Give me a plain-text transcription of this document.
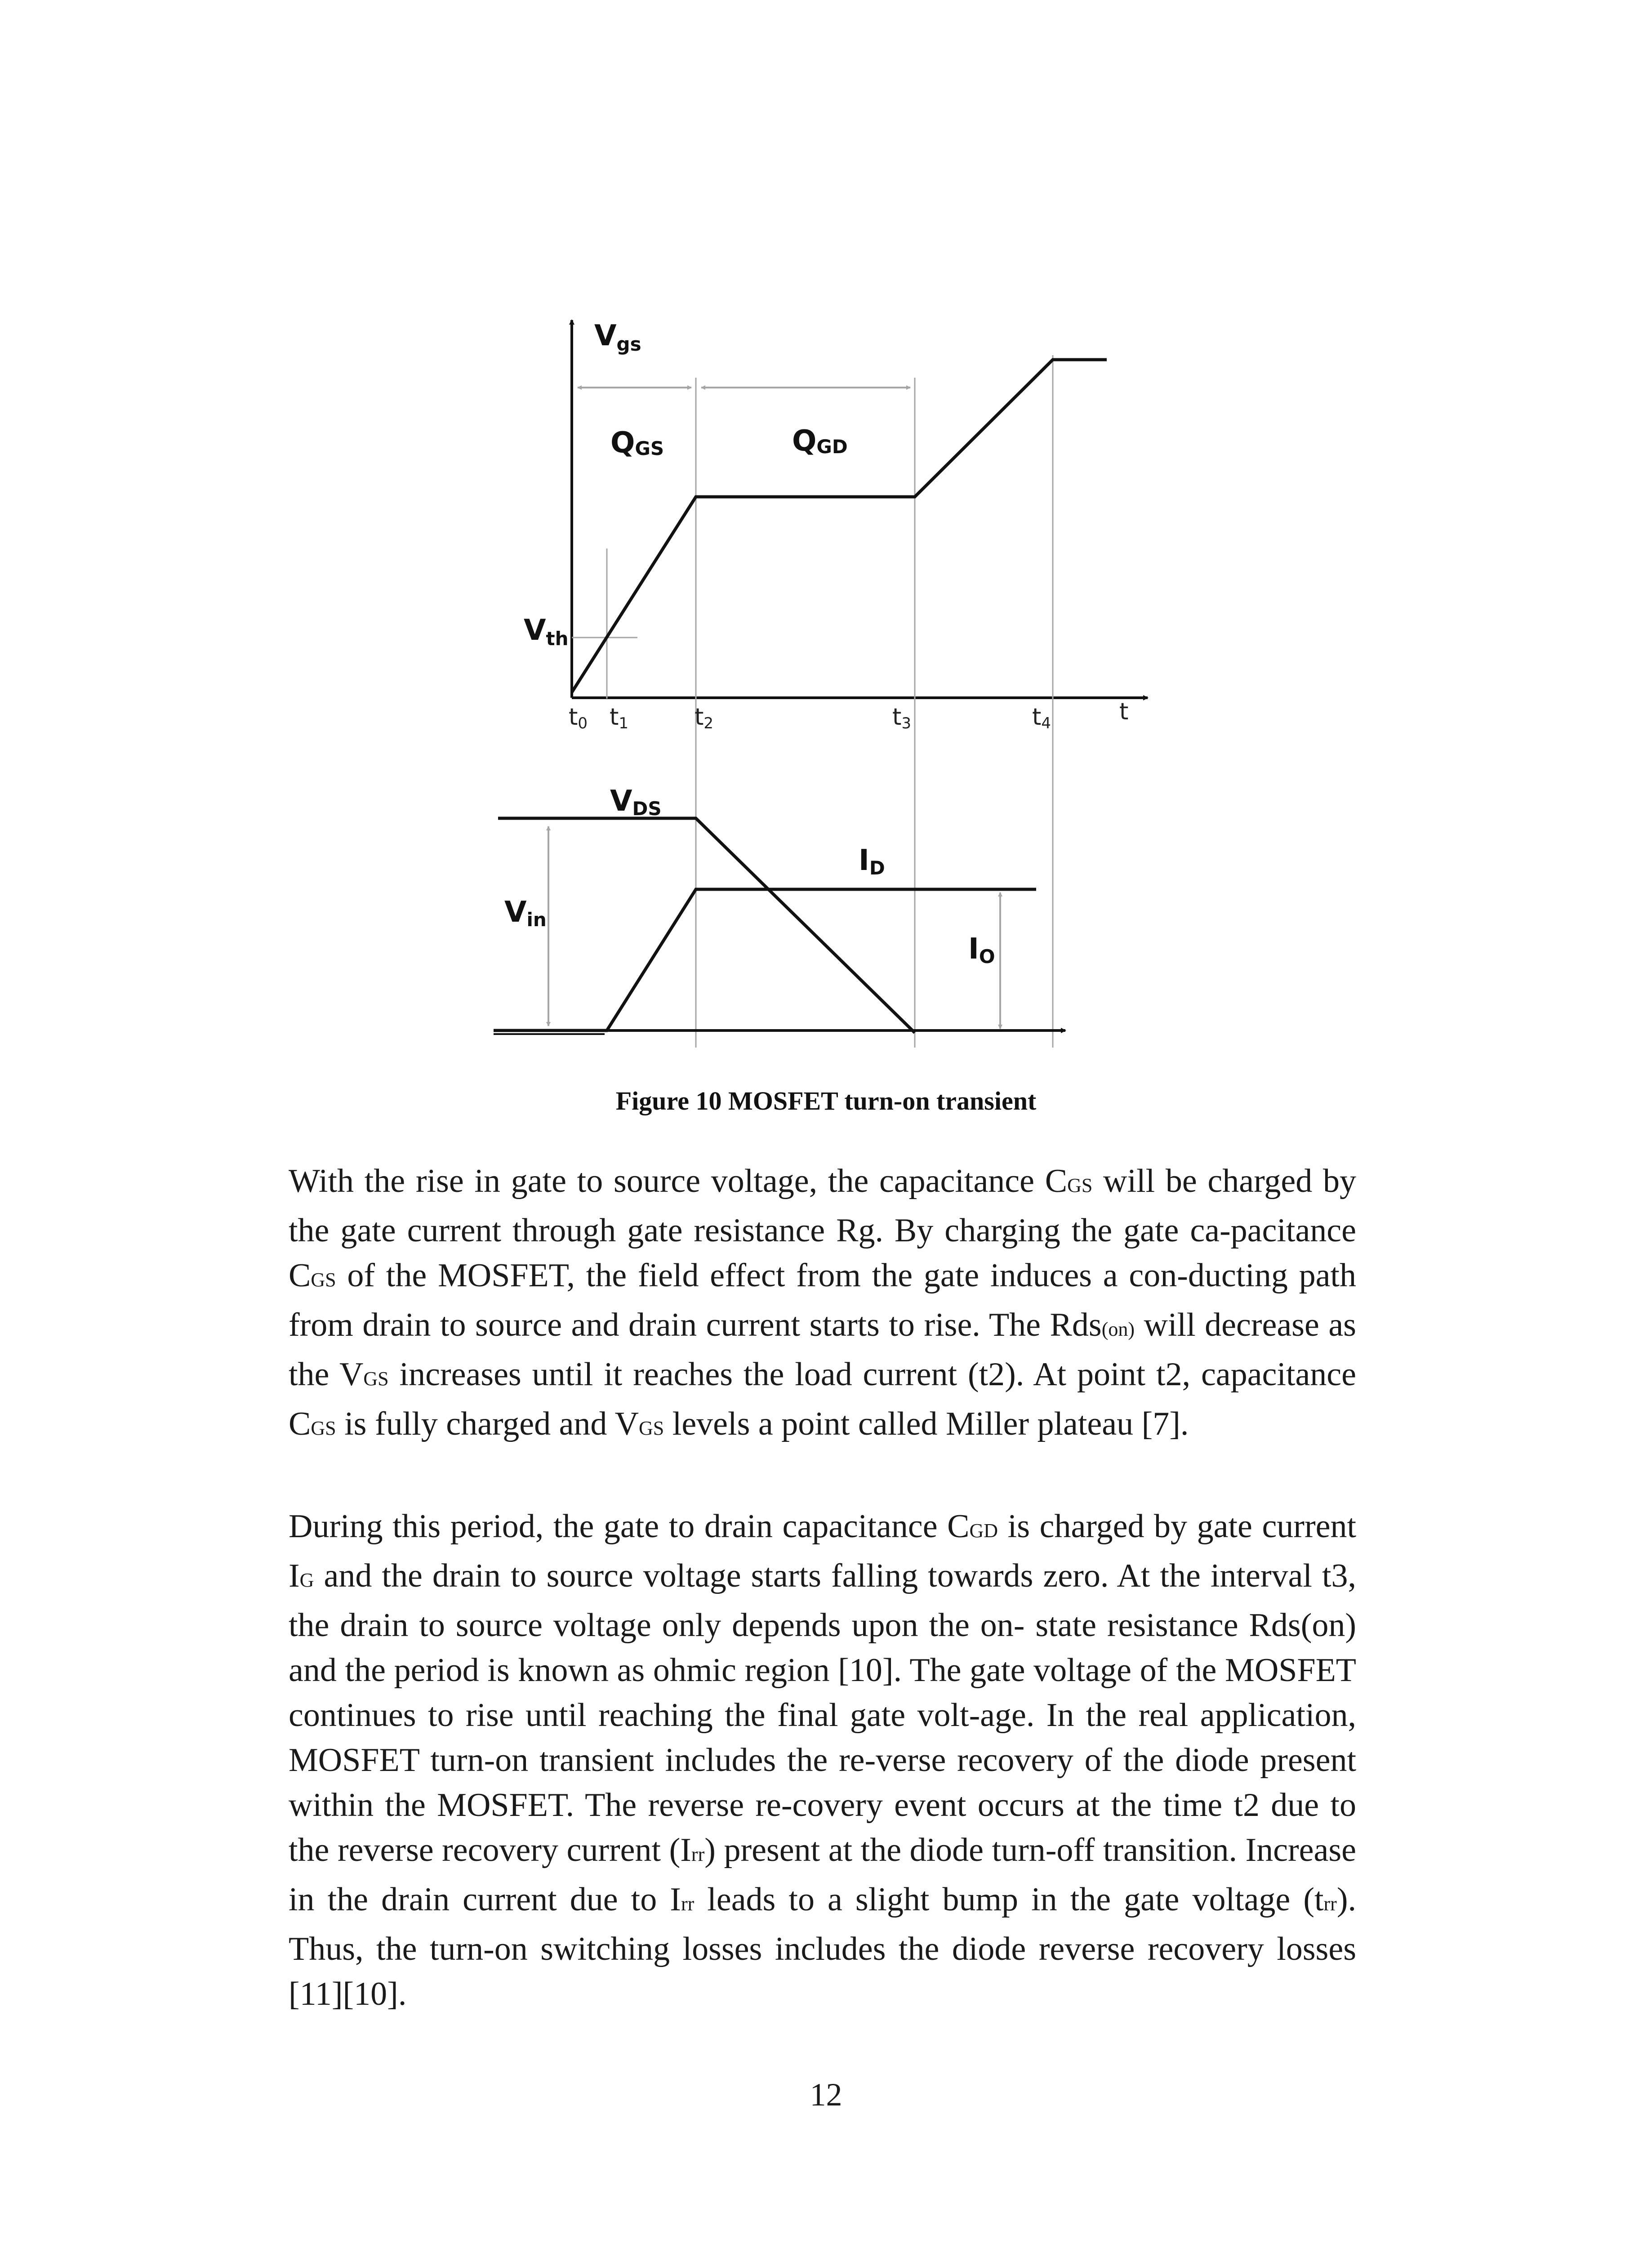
Vgs
QGS	QGD
Vth
t0 t1	t2	t3	t4	t
VDS
ID
Vin
IO
Figure 10 MOSFET turn-on transient

With the rise in gate to source voltage, the capacitance CGS will be charged by the gate current through gate resistance Rg. By charging the gate ca-pacitance CGS of the MOSFET, the field effect from the gate induces a con-ducting path from drain to source and drain current starts to rise. The Rds(on) will decrease as the VGS increases until it reaches the load current (t2). At point t2, capacitance CGS is fully charged and VGS levels a point called Miller plateau [7].

During this period, the gate to drain capacitance CGD is charged by gate current IG and the drain to source voltage starts falling towards zero. At the interval t3, the drain to source voltage only depends upon the on- state resistance Rds(on) and the period is known as ohmic region [10]. The gate voltage of the MOSFET continues to rise until reaching the final gate volt-age. In the real application, MOSFET turn-on transient includes the re-verse recovery of the diode present within the MOSFET. The reverse re-covery event occurs at the time t2 due to the reverse recovery current (Irr) present at the diode turn-off transition. Increase in the drain current due to Irr leads to a slight bump in the gate voltage (trr). Thus, the turn-on switching losses includes the diode reverse recovery losses [11][10].

12
